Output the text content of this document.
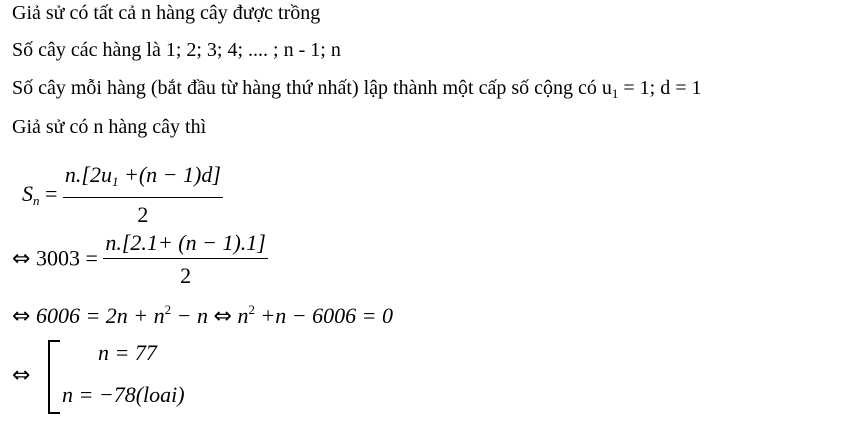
Giả sử có tất cả n hàng cây được trồng
Số cây các hàng là 1; 2; 3; 4; .... ; n - 1; n
Số cây mỗi hàng (bắt đầu từ hàng thứ nhất) lập thành một cấp số cộng có $u_1 = 1$; d = 1
Giả sử có n hàng cây thì
$S_n = \frac{n.[2u_1 +(n - 1)d]}{2}$
⇔ $3003 = \frac{n.[2.1+ (n - 1).1]}{2}$
⇔ $6006 = 2n + n^2 - n$ ⇔ $n^2 +n - 6006 = 0$
⇔
n = 77
n = −78(loai)
